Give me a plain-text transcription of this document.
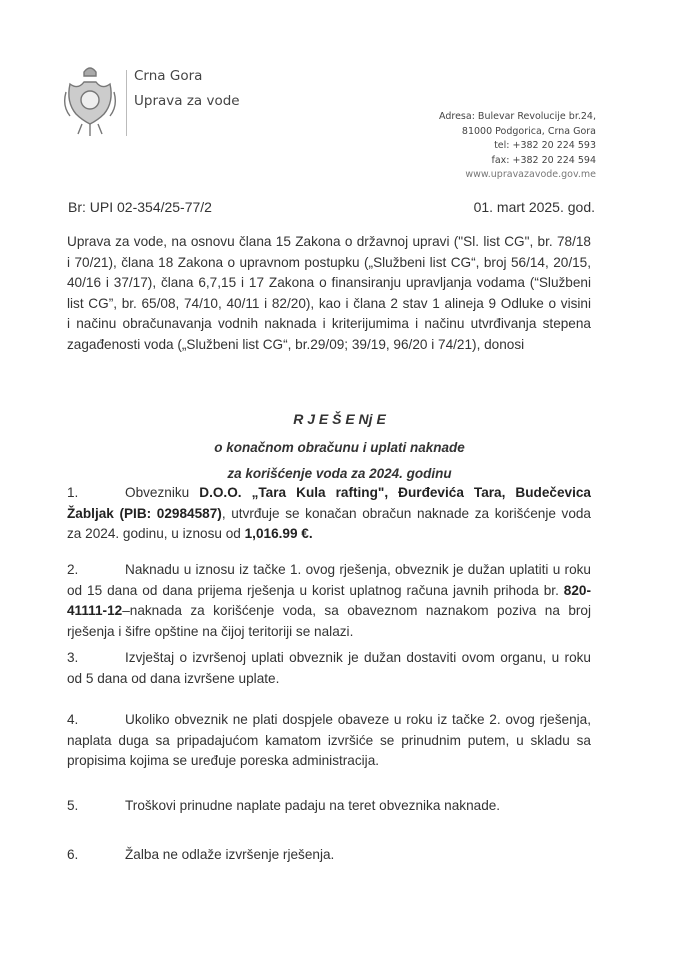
Crna Gora
Uprava za vode
Adresa: Bulevar Revolucije br.24,
81000 Podgorica, Crna Gora
tel: +382 20 224 593
fax: +382 20 224 594
www.upravazavode.gov.me
Br: UPI 02-354/25-77/2	01. mart 2025. god.
Uprava za vode, na osnovu člana 15 Zakona o državnoj upravi ("Sl. list CG", br. 78/18
i 70/21), člana 18 Zakona o upravnom postupku („Službeni list CG“, broj 56/14, 20/15,
40/16 i 37/17), člana 6,7,15 i 17 Zakona o finansiranju upravljanja vodama (“Službeni
list CG”, br. 65/08, 74/10, 40/11 i 82/20), kao i člana 2 stav 1 alineja 9 Odluke o visini
i načinu obračunavanja vodnih naknada i kriterijumima i načinu utvrđivanja stepena
zagađenosti voda („Službeni list CG“, br.29/09; 39/19, 96/20 i 74/21), donosi
R J E Š E Nj E
o konačnom obračunu i uplati naknade
za korišćenje voda za 2024. godinu
1.	Obvezniku D.O.O. „Tara Kula rafting", Đurđevića Tara, Budečevica
Žabljak (PIB: 02984587), utvrđuje se konačan obračun naknade za korišćenje voda
za 2024. godinu, u iznosu od 1,016.99 €.
2.	Naknadu u iznosu iz tačke 1. ovog rješenja, obveznik je dužan uplatiti u roku
od 15 dana od dana prijema rješenja u korist uplatnog računa javnih prihoda br. 820-
41111-12–naknada za korišćenje voda, sa obaveznom naznakom poziva na broj
rješenja i šifre opštine na čijoj teritoriji se nalazi.
3.	Izvještaj o izvršenoj uplati obveznik je dužan dostaviti ovom organu, u roku
od 5 dana od dana izvršene uplate.
4.	Ukoliko obveznik ne plati dospjele obaveze u roku iz tačke 2. ovog rješenja,
naplata duga sa pripadajućom kamatom izvršiće se prinudnim putem, u skladu sa
propisima kojima se uređuje poreska administracija.
5.	Troškovi prinudne naplate padaju na teret obveznika naknade.
6.	Žalba ne odlaže izvršenje rješenja.
